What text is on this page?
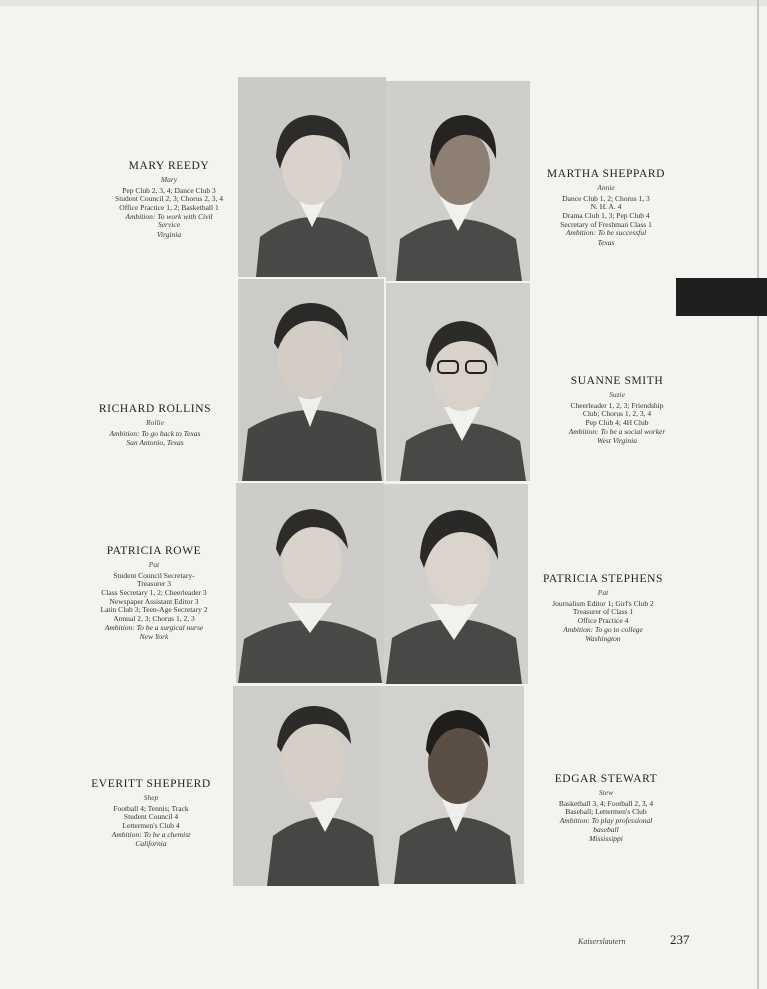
MARY REEDY
Mary
Pep Club 2, 3, 4; Dance Club 3
Student Council 2, 3; Chorus 2, 3, 4
Office Practice 1, 2; Basketball 1
Ambition: To work with Civil
Service
Virginia
MARTHA SHEPPARD
Annie
Dance Club 1, 2; Chorus 1, 3
N. H. A. 4
Drama Club 1, 3; Pep Club 4
Secretary of Freshman Class 1
Ambition: To be successful
Texas
RICHARD ROLLINS
Rollie
Ambition: To go back to Texas
San Antonio, Texas
SUANNE SMITH
Suzie
Cheerleader 1, 2, 3; Friendship
Club; Chorus 1, 2, 3, 4
Pep Club 4; 4H Club
Ambition: To be a social worker
West Virginia
PATRICIA ROWE
Pat
Student Council Secretary-
Treasurer 3
Class Secretary 1, 2; Cheerleader 3
Newspaper Assistant Editor 3
Latin Club 3; Teen-Age Secretary 2
Annual 2, 3; Chorus 1, 2, 3
Ambition: To be a surgical nurse
New York
PATRICIA STEPHENS
Pat
Journalism Editor 1; Girl's Club 2
Treasurer of Class 1
Office Practice 4
Ambition: To go to college
Washington
EVERITT SHEPHERD
Shep
Football 4; Tennis; Track
Student Council 4
Lettermen's Club 4
Ambition: To be a chemist
California
EDGAR STEWART
Stew
Basketball 3, 4; Football 2, 3, 4
Baseball; Lettermen's Club
Ambition: To play professional
baseball
Mississippi
Kaiserslautern	237
